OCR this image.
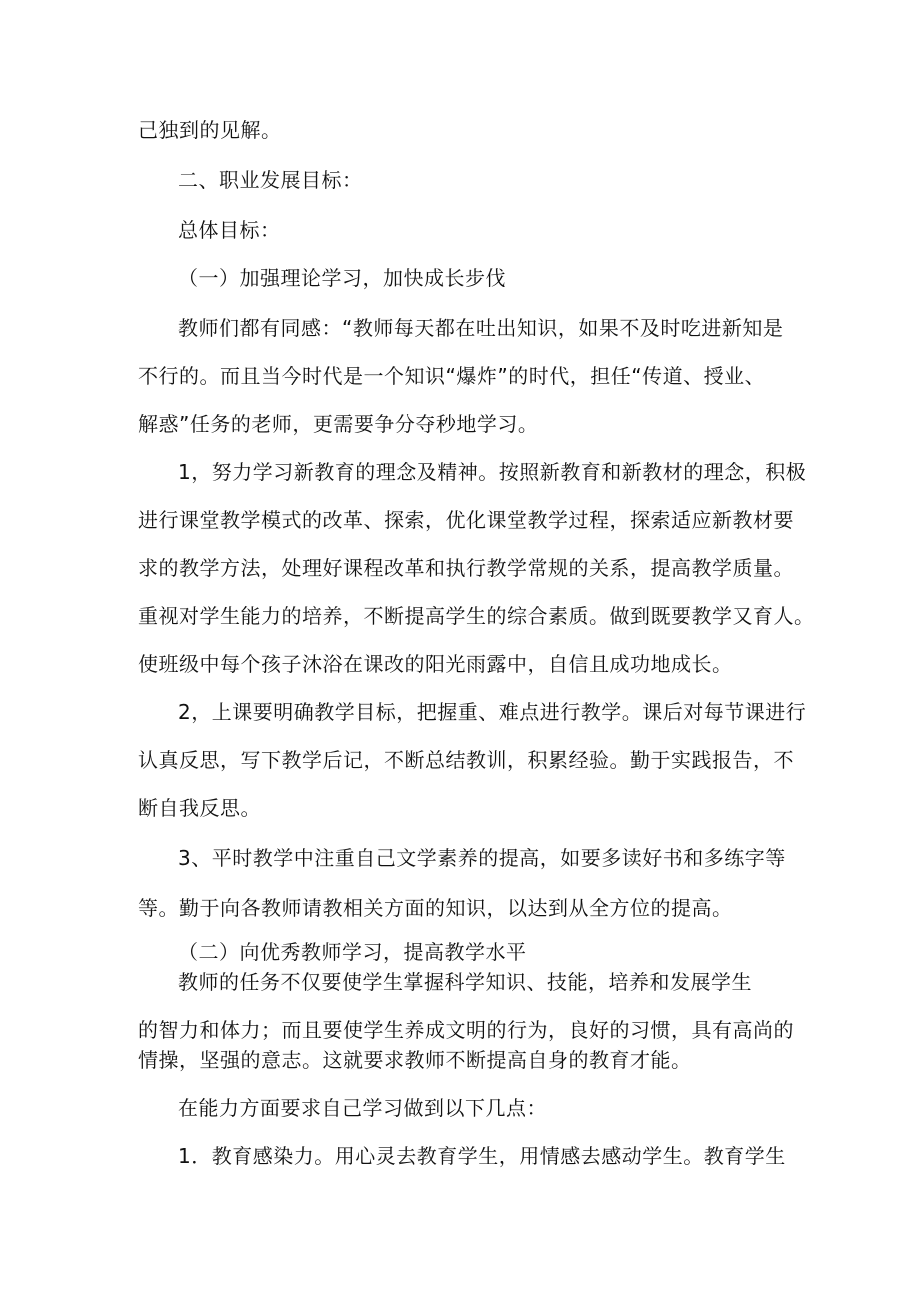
己独到的见解。
二、职业发展目标：
总体目标：
（一）加强理论学习，加快成长步伐
教师们都有同感：“教师每天都在吐出知识，如果不及时吃进新知是
不行的。而且当今时代是一个知识“爆炸”的时代，担任“传道、授业、
解惑”任务的老师，更需要争分夺秒地学习。
1，努力学习新教育的理念及精神。按照新教育和新教材的理念，积极
进行课堂教学模式的改革、探索，优化课堂教学过程，探索适应新教材要
求的教学方法，处理好课程改革和执行教学常规的关系，提高教学质量。
重视对学生能力的培养，不断提高学生的综合素质。做到既要教学又育人。
使班级中每个孩子沐浴在课改的阳光雨露中，自信且成功地成长。
2，上课要明确教学目标，把握重、难点进行教学。课后对每节课进行
认真反思，写下教学后记，不断总结教训，积累经验。勤于实践报告，不
断自我反思。
3、平时教学中注重自己文学素养的提高，如要多读好书和多练字等
等。勤于向各教师请教相关方面的知识，以达到从全方位的提高。
（二）向优秀教师学习，提高教学水平
教师的任务不仅要使学生掌握科学知识、技能，培养和发展学生
的智力和体力；而且要使学生养成文明的行为，良好的习惯，具有高尚的
情操，坚强的意志。这就要求教师不断提高自身的教育才能。
在能力方面要求自己学习做到以下几点：
1．教育感染力。用心灵去教育学生，用情感去感动学生。教育学生
